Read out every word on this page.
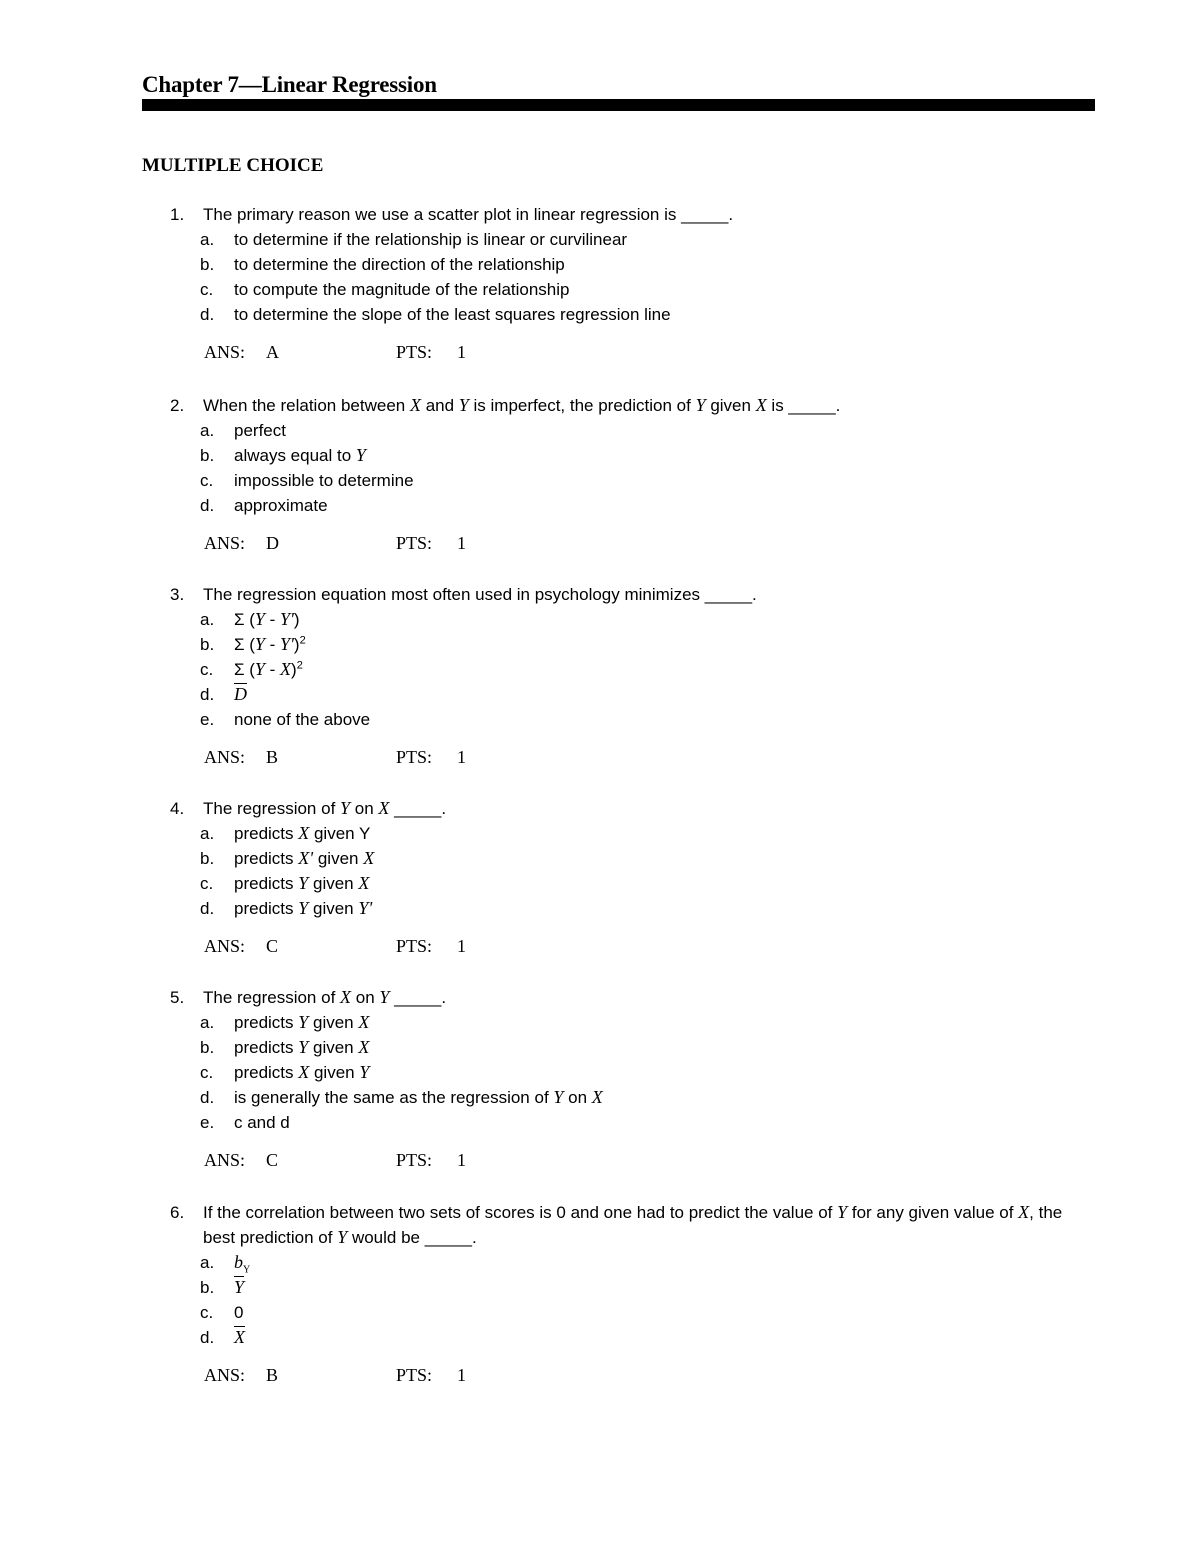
Chapter 7—Linear Regression
MULTIPLE CHOICE
1.	The primary reason we use a scatter plot in linear regression is _____.
a. to determine if the relationship is linear or curvilinear
b. to determine the direction of the relationship
c. to compute the magnitude of the relationship
d. to determine the slope of the least squares regression line
ANS: A	PTS: 1
2.	When the relation between X and Y is imperfect, the prediction of Y given X is _____.
a. perfect
b. always equal to Y
c. impossible to determine
d. approximate
ANS: D	PTS: 1
3.	The regression equation most often used in psychology minimizes _____.
a. Σ (Y - Y')
b. Σ (Y - Y')$^2$
c. Σ (Y - X)$^2$
d. $\overline{D}$
e. none of the above
ANS: B	PTS: 1
4.	The regression of Y on X _____.
a. predicts X given Y
b. predicts X' given X
c. predicts Y given X
d. predicts Y given Y'
ANS: C	PTS: 1
5.	The regression of X on Y _____.
a. predicts Y given X
b. predicts Y given X
c. predicts X given Y
d. is generally the same as the regression of Y on X
e. c and d
ANS: C	PTS: 1
6.	If the correlation between two sets of scores is 0 and one had to predict the value of Y for any given value of X, the best prediction of Y would be _____.
a. $b_Y$
b. $\overline{Y}$
c. 0
d. $\overline{X}$
ANS: B	PTS: 1
